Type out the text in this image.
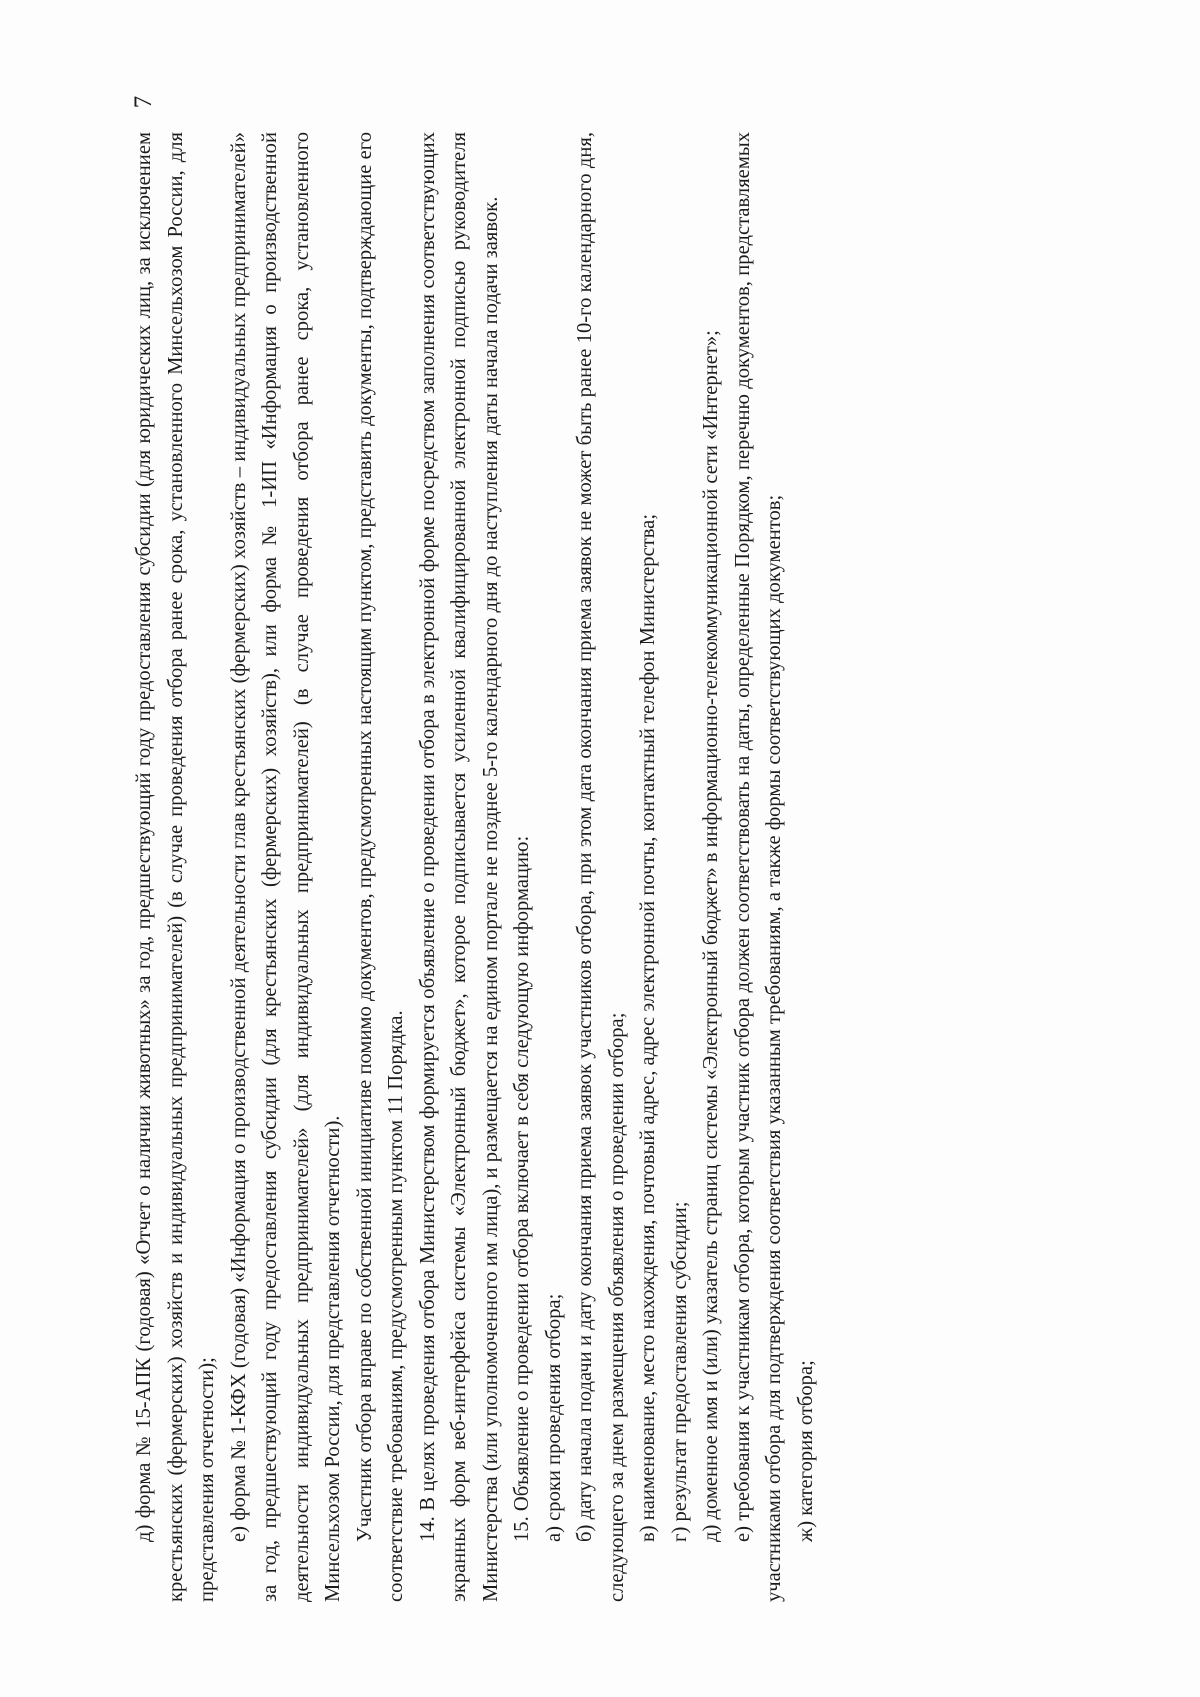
7

д) форма № 15-АПК (годовая) «Отчет о наличии животных» за год, предшествующий году предоставления субсидии (для юридических лиц, за исключением крестьянских (фермерских) хозяйств и индивидуальных предпринимателей) (в случае проведения отбора ранее срока, установленного Минсельхозом России, для представления отчетности); е) форма № 1-КФХ (годовая) «Информация о производственной деятельности глав крестьянских (фермерских) хозяйств – индивидуальных предпринимателей» за год, предшествующий году предоставления субсидии (для крестьянских (фермерских) хозяйств), или форма № 1-ИП «Информация о производственной деятельности индивидуальных предпринимателей» (для индивидуальных предпринимателей) (в случае проведения отбора ранее срока, установленного Минсельхозом России, для представления отчетности). Участник отбора вправе по собственной инициативе помимо документов, предусмотренных настоящим пунктом, представить документы, подтверждающие его соответствие требованиям, предусмотренным пунктом 11 Порядка. 14. В целях проведения отбора Министерством формируется объявление о проведении отбора в электронной форме посредством заполнения соответствующих экранных форм веб-интерфейса системы «Электронный бюджет», которое подписывается усиленной квалифицированной электронной подписью руководителя Министерства (или уполномоченного им лица), и размещается на едином портале не позднее 5-го календарного дня до наступления даты начала подачи заявок. 15. Объявление о проведении отбора включает в себя следующую информацию: а) сроки проведения отбора; б) дату начала подачи и дату окончания приема заявок участников отбора, при этом дата окончания приема заявок не может быть ранее 10-го календарного дня, следующего за днем размещения объявления о проведении отбора; в) наименование, место нахождения, почтовый адрес, адрес электронной почты, контактный телефон Министерства; г) результат предоставления субсидии; д) доменное имя и (или) указатель страниц системы «Электронный бюджет» в информационно-телекоммуникационной сети «Интернет»; е) требования к участникам отбора, которым участник отбора должен соответствовать на даты, определенные Порядком, перечню документов, представляемых участниками отбора для подтверждения соответствия указанным требованиям, а также формы соответствующих документов; ж) категория отбора;
